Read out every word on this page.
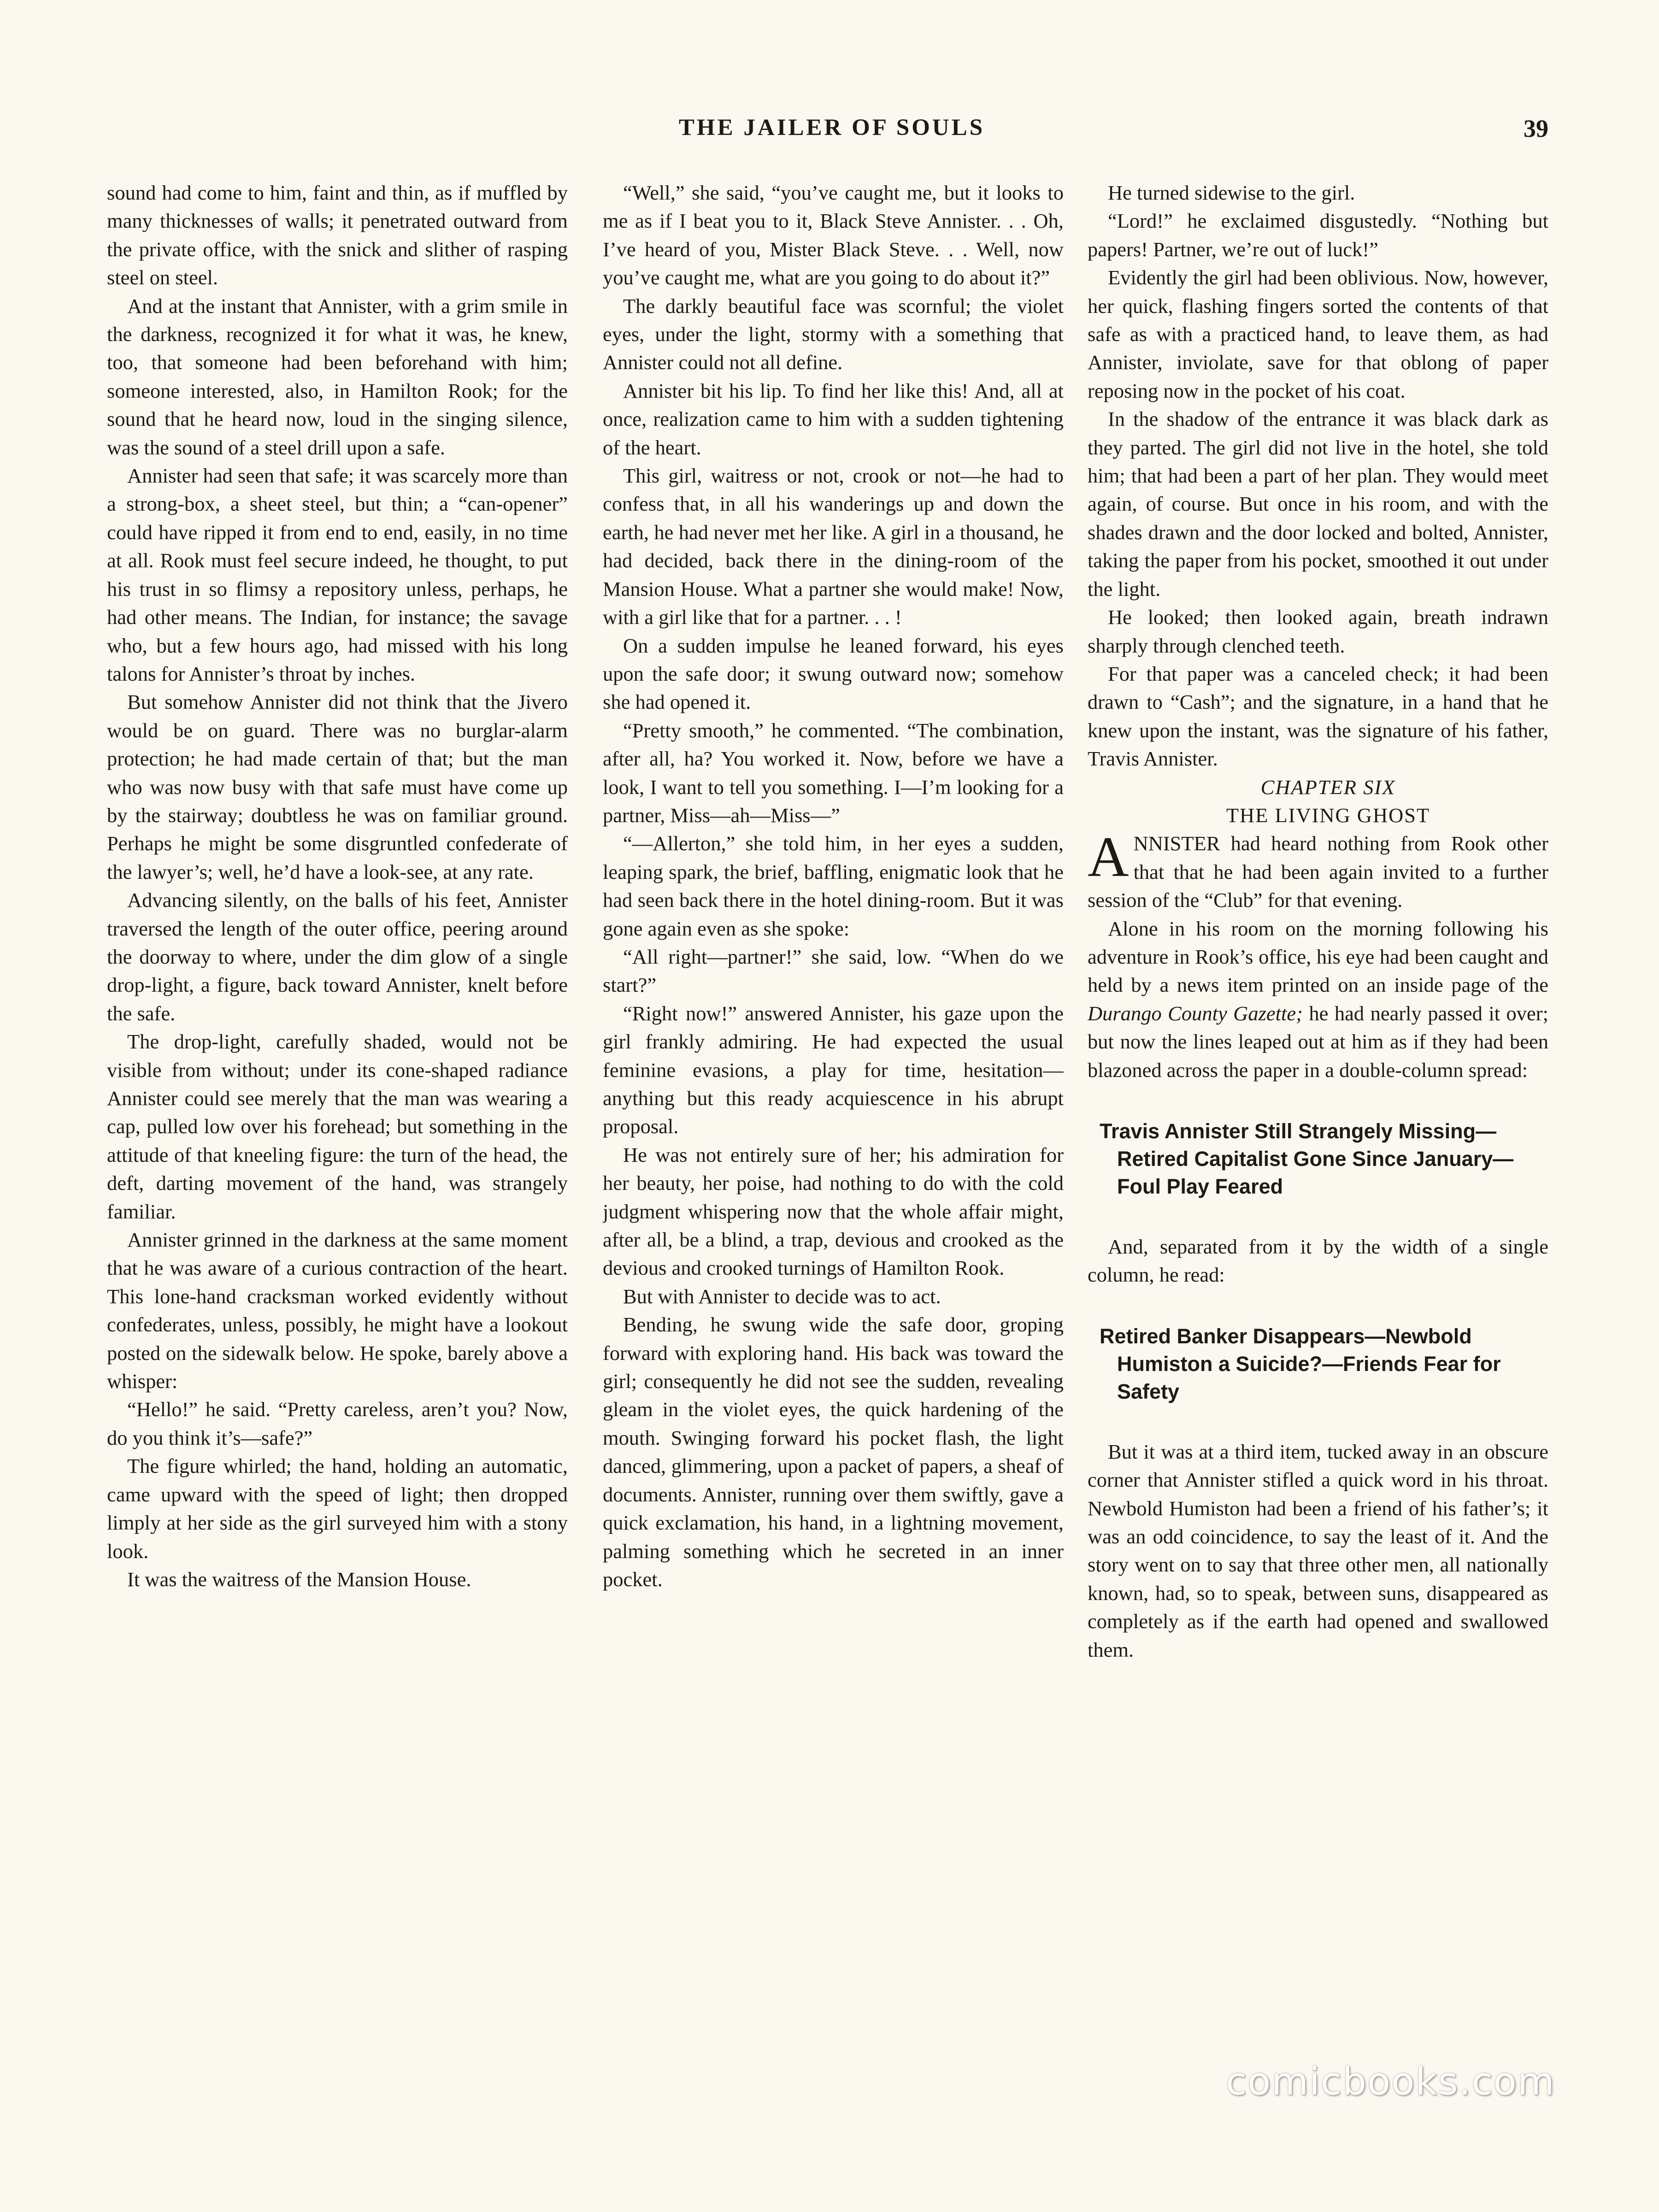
THE JAILER OF SOULS	39

sound had come to him, faint and thin, as if muffled by many thicknesses of walls; it penetrated outward from the private office, with the snick and slither of rasping steel on steel.

And at the instant that Annister, with a grim smile in the darkness, recognized it for what it was, he knew, too, that someone had been beforehand with him; someone interested, also, in Hamilton Rook; for the sound that he heard now, loud in the singing silence, was the sound of a steel drill upon a safe.

Annister had seen that safe; it was scarcely more than a strong-box, a sheet steel, but thin; a “can-opener” could have ripped it from end to end, easily, in no time at all. Rook must feel secure indeed, he thought, to put his trust in so flimsy a repository unless, perhaps, he had other means. The Indian, for instance; the savage who, but a few hours ago, had missed with his long talons for Annister’s throat by inches.

But somehow Annister did not think that the Jivero would be on guard. There was no burglar-alarm protection; he had made certain of that; but the man who was now busy with that safe must have come up by the stairway; doubtless he was on familiar ground. Perhaps he might be some disgruntled confederate of the lawyer’s; well, he’d have a look-see, at any rate.

Advancing silently, on the balls of his feet, Annister traversed the length of the outer office, peering around the doorway to where, under the dim glow of a single drop-light, a figure, back toward Annister, knelt before the safe.

The drop-light, carefully shaded, would not be visible from without; under its cone-shaped radiance Annister could see merely that the man was wearing a cap, pulled low over his forehead; but something in the attitude of that kneeling figure: the turn of the head, the deft, darting movement of the hand, was strangely familiar.

Annister grinned in the darkness at the same moment that he was aware of a curious contraction of the heart. This lone-hand cracksman worked evidently without confederates, unless, possibly, he might have a lookout posted on the sidewalk below. He spoke, barely above a whisper:

“Hello!” he said. “Pretty careless, aren’t you? Now, do you think it’s—safe?”

The figure whirled; the hand, holding an automatic, came upward with the speed of light; then dropped limply at her side as the girl surveyed him with a stony look.

It was the waitress of the Mansion House.

“Well,” she said, “you’ve caught me, but it looks to me as if I beat you to it, Black Steve Annister. . . Oh, I’ve heard of you, Mister Black Steve. . . Well, now you’ve caught me, what are you going to do about it?”

The darkly beautiful face was scornful; the violet eyes, under the light, stormy with a something that Annister could not all define.

Annister bit his lip. To find her like this! And, all at once, realization came to him with a sudden tightening of the heart.

This girl, waitress or not, crook or not—he had to confess that, in all his wanderings up and down the earth, he had never met her like. A girl in a thousand, he had decided, back there in the dining-room of the Mansion House. What a partner she would make! Now, with a girl like that for a partner. . . !

On a sudden impulse he leaned forward, his eyes upon the safe door; it swung outward now; somehow she had opened it.

“Pretty smooth,” he commented. “The combination, after all, ha? You worked it. Now, before we have a look, I want to tell you something. I—I’m looking for a partner, Miss—ah—Miss—”

“—Allerton,” she told him, in her eyes a sudden, leaping spark, the brief, baffling, enigmatic look that he had seen back there in the hotel dining-room. But it was gone again even as she spoke:

“All right—partner!” she said, low. “When do we start?”

“Right now!” answered Annister, his gaze upon the girl frankly admiring. He had expected the usual feminine evasions, a play for time, hesitation—anything but this ready acquiescence in his abrupt proposal.

He was not entirely sure of her; his admiration for her beauty, her poise, had nothing to do with the cold judgment whispering now that the whole affair might, after all, be a blind, a trap, devious and crooked as the devious and crooked turnings of Hamilton Rook.

But with Annister to decide was to act.

Bending, he swung wide the safe door, groping forward with exploring hand. His back was toward the girl; consequently he did not see the sudden, revealing gleam in the violet eyes, the quick hardening of the mouth. Swinging forward his pocket flash, the light danced, glimmering, upon a packet of papers, a sheaf of documents. Annister, running over them swiftly, gave a quick exclamation, his hand, in a lightning movement, palming something which he secreted in an inner pocket.

He turned sidewise to the girl.

“Lord!” he exclaimed disgustedly. “Nothing but papers! Partner, we’re out of luck!”

Evidently the girl had been oblivious. Now, however, her quick, flashing fingers sorted the contents of that safe as with a practiced hand, to leave them, as had Annister, inviolate, save for that oblong of paper reposing now in the pocket of his coat.

In the shadow of the entrance it was black dark as they parted. The girl did not live in the hotel, she told him; that had been a part of her plan. They would meet again, of course. But once in his room, and with the shades drawn and the door locked and bolted, Annister, taking the paper from his pocket, smoothed it out under the light.

He looked; then looked again, breath indrawn sharply through clenched teeth.

For that paper was a canceled check; it had been drawn to “Cash”; and the signature, in a hand that he knew upon the instant, was the signature of his father, Travis Annister.

CHAPTER SIX

THE LIVING GHOST

ANNISTER had heard nothing from Rook other that that he had been again invited to a further session of the “Club” for that evening.

Alone in his room on the morning following his adventure in Rook’s office, his eye had been caught and held by a news item printed on an inside page of the Durango County Gazette; he had nearly passed it over; but now the lines leaped out at him as if they had been blazoned across the paper in a double-column spread:

Travis Annister Still Strangely Missing—Retired Capitalist Gone Since January—Foul Play Feared

And, separated from it by the width of a single column, he read:

Retired Banker Disappears—Newbold Humiston a Suicide?—Friends Fear for Safety

But it was at a third item, tucked away in an obscure corner that Annister stifled a quick word in his throat. Newbold Humiston had been a friend of his father’s; it was an odd coincidence, to say the least of it. And the story went on to say that three other men, all nationally known, had, so to speak, between suns, disappeared as completely as if the earth had opened and swallowed them.

comicbooks.com
